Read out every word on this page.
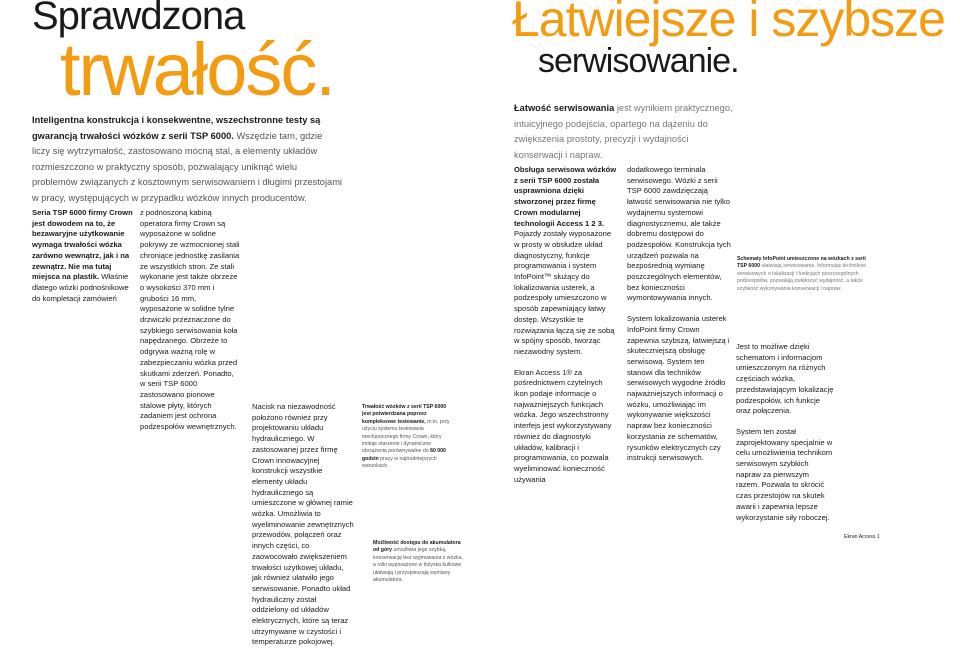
Sprawdzona
trwałość.
Inteligentna konstrukcja i konsekwentne, wszechstronne testy są gwarancją trwałości wózków z serii TSP 6000. Wszędzie tam, gdzie liczy się wytrzymałość, zastosowano mocną stal, a elementy układów rozmieszczono w praktyczny sposób, pozwalający uniknąć wielu problemów związanych z kosztownym serwisowaniem i długimi przestojami w pracy, występujących w przypadku wózków innych producentów.
Seria TSP 6000 firmy Crown jest dowodem na to, że bezawaryjne użytkowanie wymaga trwałości wózka zarówno wewnątrz, jak i na zewnątrz. Nie ma tutaj miejsca na plastik. Właśnie dlatego wózki podnośnikowe do kompletacji zamówień
z podnoszoną kabiną operatora firmy Crown są wyposażone w solidne pokrywy ze wzmocnionej stali chroniące jednostkę zasilania ze wszystkich stron. Ze stali wykonane jest także obrzeże o wysokości 370 mm i grubości 16 mm, wyposażone w solidne tylne drzwiczki przeznaczone do szybkiego serwisowania koła napędzanego. Obrzeże to odgrywa ważną rolę w zabezpieczaniu wózka przed skutkami zderzeń. Ponadto, w serii TSP 6000 zastosowano pionowe stalowe płyty, których zadaniem jest ochrona podzespołów wewnętrznych.
Nacisk na niezawodność położono również przy projektowaniu układu hydraulicznego. W zastosowanej przez firmę Crown innowacyjnej konstrukcji wszystkie elementy układu hydraulicznego są umieszczone w głównej ramie wózka. Umożliwia to wyeliminowanie zewnętrznych przewodów, połączeń oraz innych części, co zaowocowało zwiększeniem trwałości użytkowej układu, jak również ułatwiło jego serwisowanie. Ponadto układ hydrauliczny został oddzielony od układów elektrycznych, które są teraz utrzymywane w czystości i temperaturze pokojowej.
Trwałość wózków z serii TSP 6000 jest potwierdzana poprzez kompleksowe testowanie, m.in. przy użyciu systemu testowania mechanicznego firmy Crown, który imituje starzenie i dynamiczne obciążenia porównywalne do 60 000 godzin pracy w najtrudniejszych warunkach.
Możliwość dostępu do akumulatora od góry umożliwia jego szybką, konserwację bez wyjmowania z wózka, a rolki wyposażone w łożyska kulkowe ułatwiają i przyspieszają wymiany akumulatora.
Łatwiejsze i szybsze
serwisowanie.
Łatwość serwisowania jest wynikiem praktycznego, intuicyjnego podejścia, opartego na dążeniu do zwiększenia prostoty, precyzji i wydajności konserwacji i napraw.

Obsługa serwisowa wózków z serii TSP 6000 została usprawniona dzięki stworzonej przez firmę Crown modularnej technologii Access 1 2 3.

Pojazdy zostały wyposażone w prosty w obsłudze układ diagnostyczny, funkcje programowania i system InfoPoint™ służący do lokalizowania usterek, a podzespoły umieszczono w sposób zapewniający łatwy dostęp. Wszystkie te rozwiązania łączą się ze sobą w spójny sposób, tworząc niezawodny system.

Ekran Access 1® za pośrednictwem czytelnych ikon podaje informacje o najważniejszych funkcjach wózka. Jego wszechstronny interfejs jest wykorzystywany również do diagnostyki układów, kalibracji i programowania, co pozwala wyeliminować konieczność używania

dodatkowego terminala serwisowego. Wózki z serii TSP 6000 zawdzięczają łatwość serwisowania nie tylko wydajnemu systemowi diagnostycznemu, ale także dobremu dostępowi do podzespołów. Konstrukcja tych urządzeń pozwala na bezpośrednią wymianę poszczególnych elementów, bez konieczności wymontowywania innych.

System lokalizowania usterek InfoPoint firmy Crown zapewnia szybszą, łatwiejszą i skuteczniejszą obsługę serwisową. System ten stanowi dla techników serwisowych wygodne źródło najważniejszych informacji o wózku, umożliwiając im wykonywanie większości napraw bez konieczności korzystania ze schematów, rysunków elektrycznych czy instrukcji serwisowych.

Schematy InfoPoint umieszczone na wózkach z serii TSP 6000 ułatwiają serwisowanie. Informując techników serwisowych o lokalizacji i funkcjach poszczególnych podzespołów, pozwalają zwiększyć wydajność, a także szybkość wykonywania konserwacji i napraw.

Jest to możliwe dzięki schematom i informacjom umieszczonym na różnych częściach wózka, przedstawiającym lokalizację podzespołów, ich funkcje oraz połączenia.

System ten został zaprojektowany specjalnie w celu umożliwienia technikom serwisowym szybkich napraw za pierwszym razem. Pozwala to skrócić czas przestojów na skutek awarii i zapewnia lepsze wykorzystanie siły roboczej.

Ekran Access 1
